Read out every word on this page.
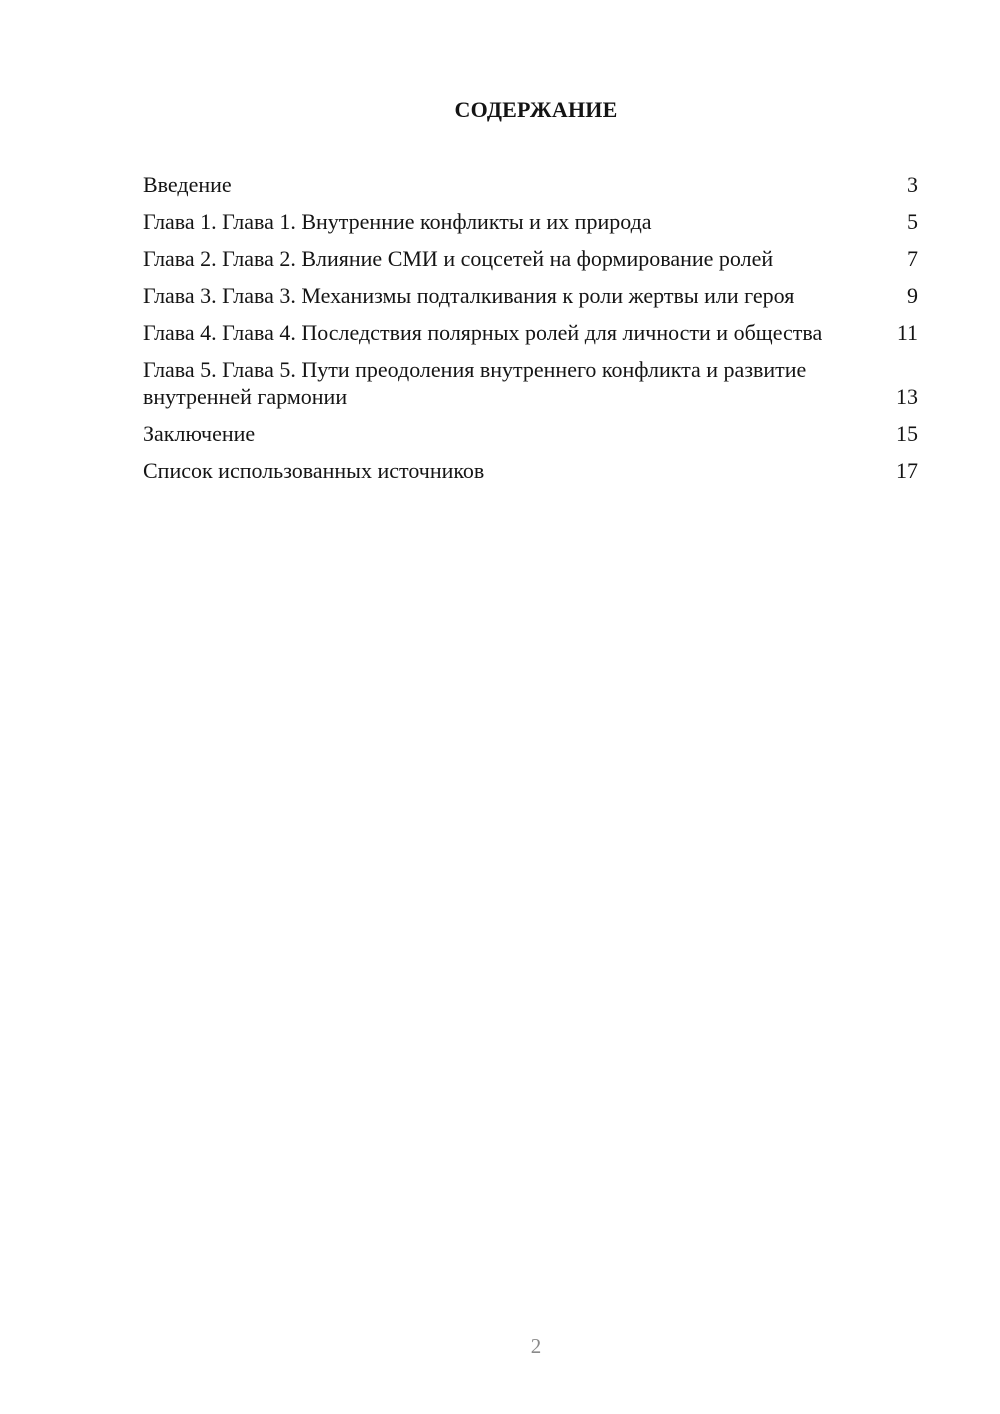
СОДЕРЖАНИЕ
Введение	3
Глава 1. Глава 1. Внутренние конфликты и их природа	5
Глава 2. Глава 2. Влияние СМИ и соцсетей на формирование ролей	7
Глава 3. Глава 3. Механизмы подталкивания к роли жертвы или героя	9
Глава 4. Глава 4. Последствия полярных ролей для личности и общества	11
Глава 5. Глава 5. Пути преодоления внутреннего конфликта и развитие внутренней гармонии	13
Заключение	15
Список использованных источников	17
2
